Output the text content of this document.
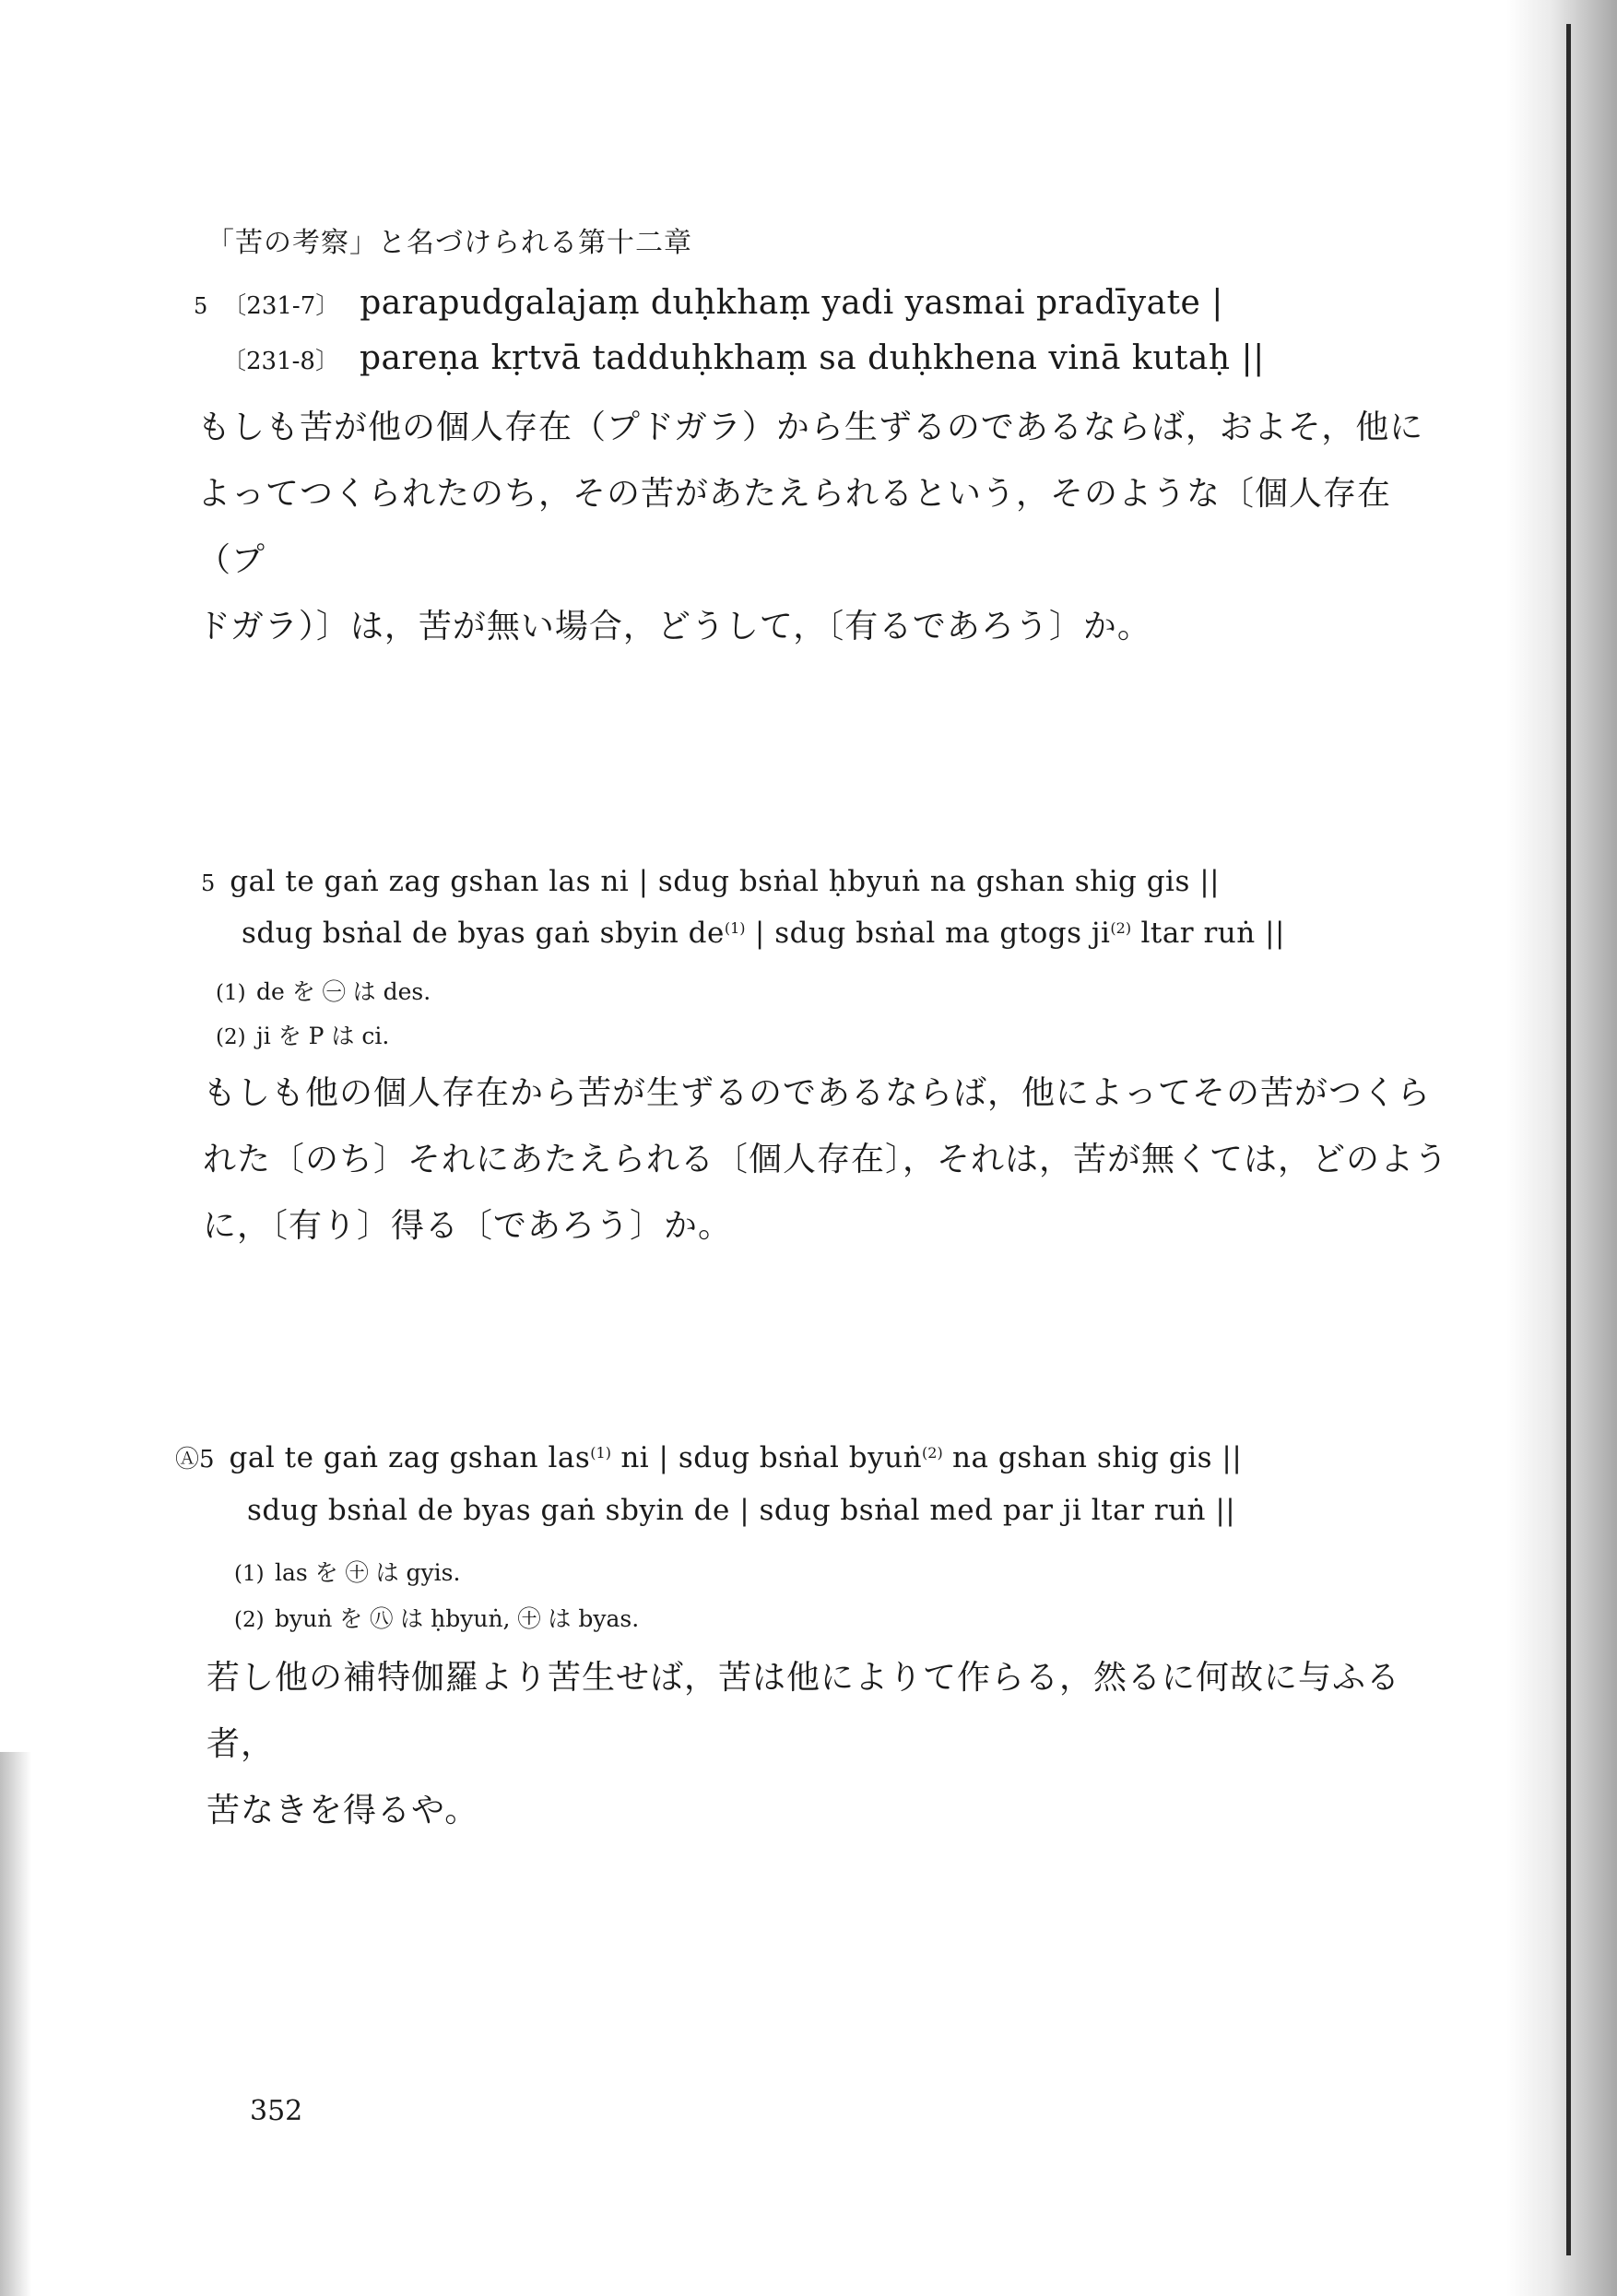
「苦の考察」と名づけられる第十二章
5 〔231-7〕 parapudgalajaṃ duḥkhaṃ yadi yasmai pradīyate |
〔231-8〕 pareṇa kṛtvā tadduḥkhaṃ sa duḥkhena vinā kutaḥ ||
もしも苦が他の個人存在（プドガラ）から生ずるのであるならば，およそ，他に
よってつくられたのち，その苦があたえられるという，そのような〔個人存在（プ
ドガラ）〕は，苦が無い場合，どうして，〔有るであろう〕か。
5 gal te gaṅ zag gshan las ni | sdug bsṅal ḥbyuṅ na gshan shig gis ||
sdug bsṅal de byas gaṅ sbyin $de^{(1)}$ | sdug bsṅal ma gtogs $ji^{(2)}$ ltar ruṅ ||
(1) de を ㊀ は des.
(2) ji を P は ci.
もしも他の個人存在から苦が生ずるのであるならば，他によってその苦がつくら
れた〔のち〕それにあたえられる〔個人存在〕，それは，苦が無くては，どのよう
に，〔有り〕得る〔であろう〕か。
Ⓐ5 gal te gaṅ zag gshan las$^{(1)}$ ni | sdug bsṅal byuṅ$^{(2)}$ na gshan shig gis ||
sdug bsṅal de byas gaṅ sbyin de | sdug bsṅal med par ji ltar ruṅ ||
(1) las を ㊉ は gyis.
(2) byuṅ を ㊇ は ḥbyuṅ, ㊉ は byas.
若し他の補特伽羅より苦生せば，苦は他によりて作らる，然るに何故に与ふる者，
苦なきを得るや。
352
